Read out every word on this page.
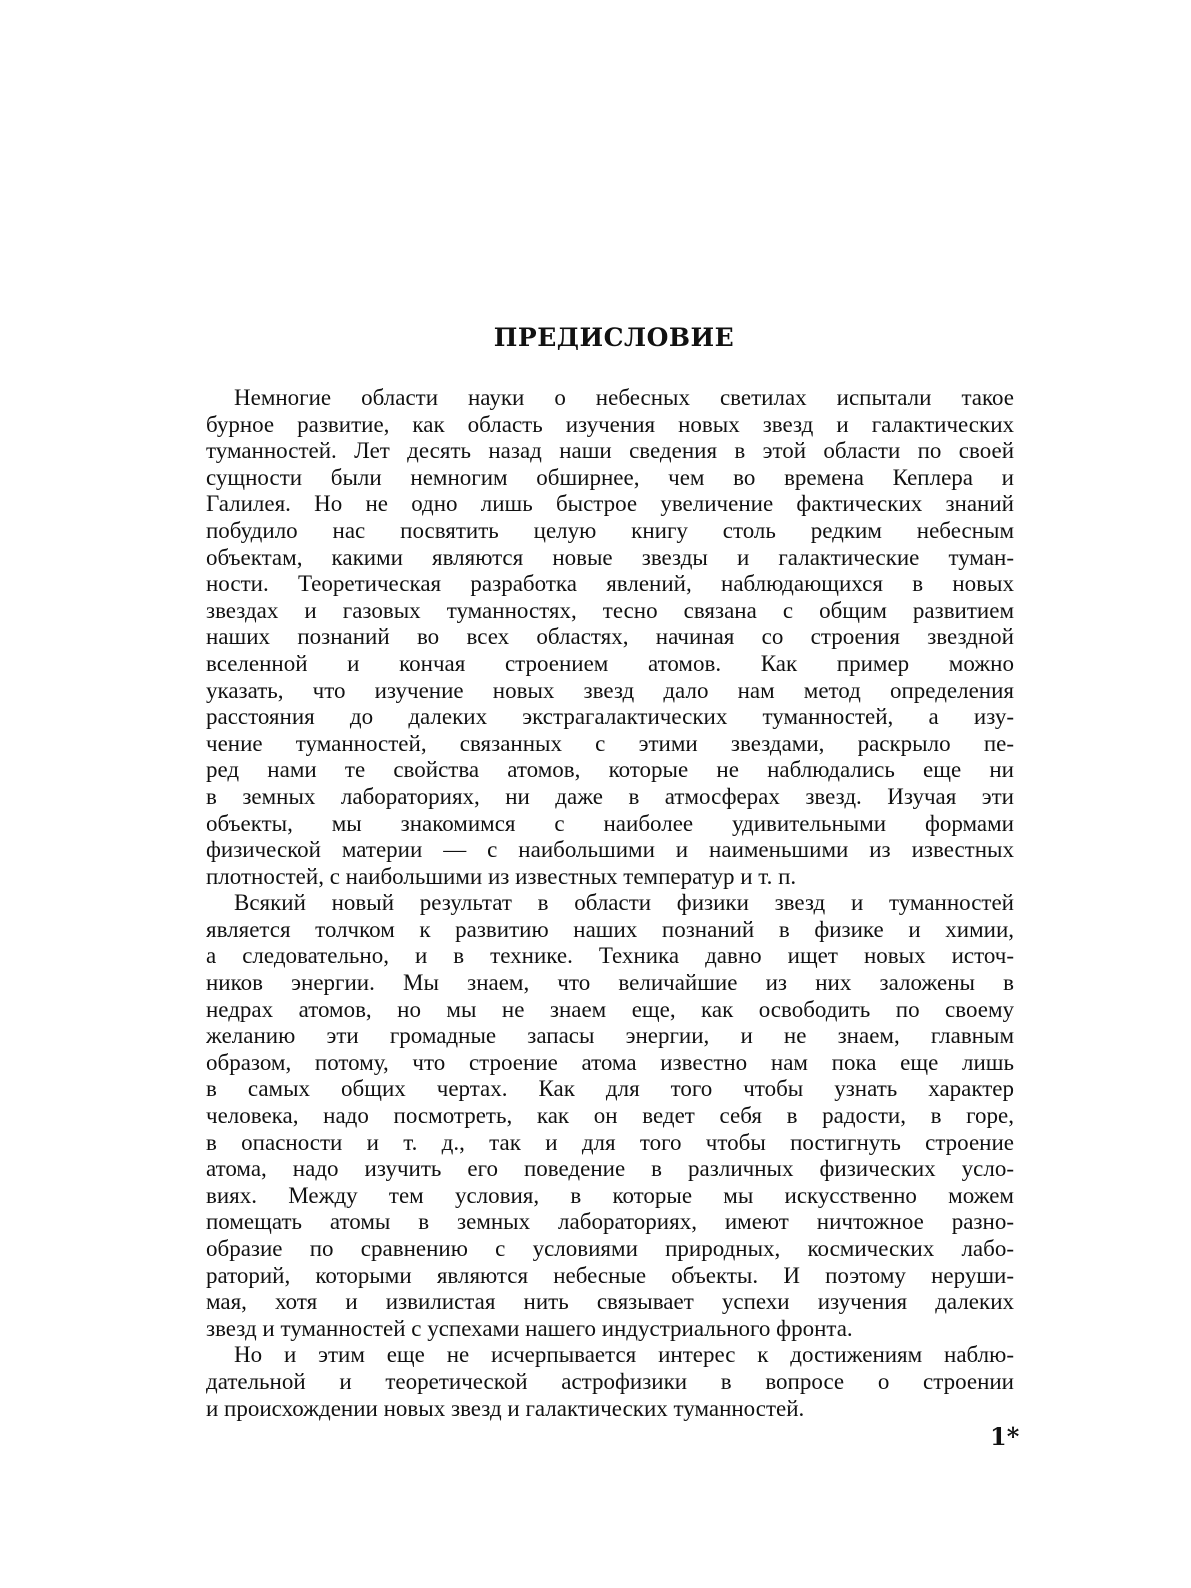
ПРЕДИСЛОВИЕ
Немногие области науки о небесных светилах испытали такое
бурное развитие, как область изучения новых звезд и галактических
туманностей. Лет десять назад наши сведения в этой области по своей
сущности были немногим обширнее, чем во времена Кеплера и
Галилея. Но не одно лишь быстрое увеличение фактических знаний
побудило нас посвятить целую книгу столь редким небесным
объектам, какими являются новые звезды и галактические туман-
ности. Теоретическая разработка явлений, наблюдающихся в новых
звездах и газовых туманностях, тесно связана с общим развитием
наших познаний во всех областях, начиная со строения звездной
вселенной и кончая строением атомов. Как пример можно
указать, что изучение новых звезд дало нам метод определения
расстояния до далеких экстрагалактических туманностей, а изу-
чение туманностей, связанных с этими звездами, раскрыло пе-
ред нами те свойства атомов, которые не наблюдались еще ни
в земных лабораториях, ни даже в атмосферах звезд. Изучая эти
объекты, мы знакомимся с наиболее удивительными формами
физической материи — с наибольшими и наименьшими из известных
плотностей, с наибольшими из известных температур и т. п.
Всякий новый результат в области физики звезд и туманностей
является толчком к развитию наших познаний в физике и химии,
а следовательно, и в технике. Техника давно ищет новых источ-
ников энергии. Мы знаем, что величайшие из них заложены в
недрах атомов, но мы не знаем еще, как освободить по своему
желанию эти громадные запасы энергии, и не знаем, главным
образом, потому, что строение атома известно нам пока еще лишь
в самых общих чертах. Как для того чтобы узнать характер
человека, надо посмотреть, как он ведет себя в радости, в горе,
в опасности и т. д., так и для того чтобы постигнуть строение
атома, надо изучить его поведение в различных физических усло-
виях. Между тем условия, в которые мы искусственно можем
помещать атомы в земных лабораториях, имеют ничтожное разно-
образие по сравнению с условиями природных, космических лабо-
раторий, которыми являются небесные объекты. И поэтому неруши-
мая, хотя и извилистая нить связывает успехи изучения далеких
звезд и туманностей с успехами нашего индустриального фронта.
Но и этим еще не исчерпывается интерес к достижениям наблю-
дательной и теоретической астрофизики в вопросе о строении
и происхождении новых звезд и галактических туманностей.

1*
